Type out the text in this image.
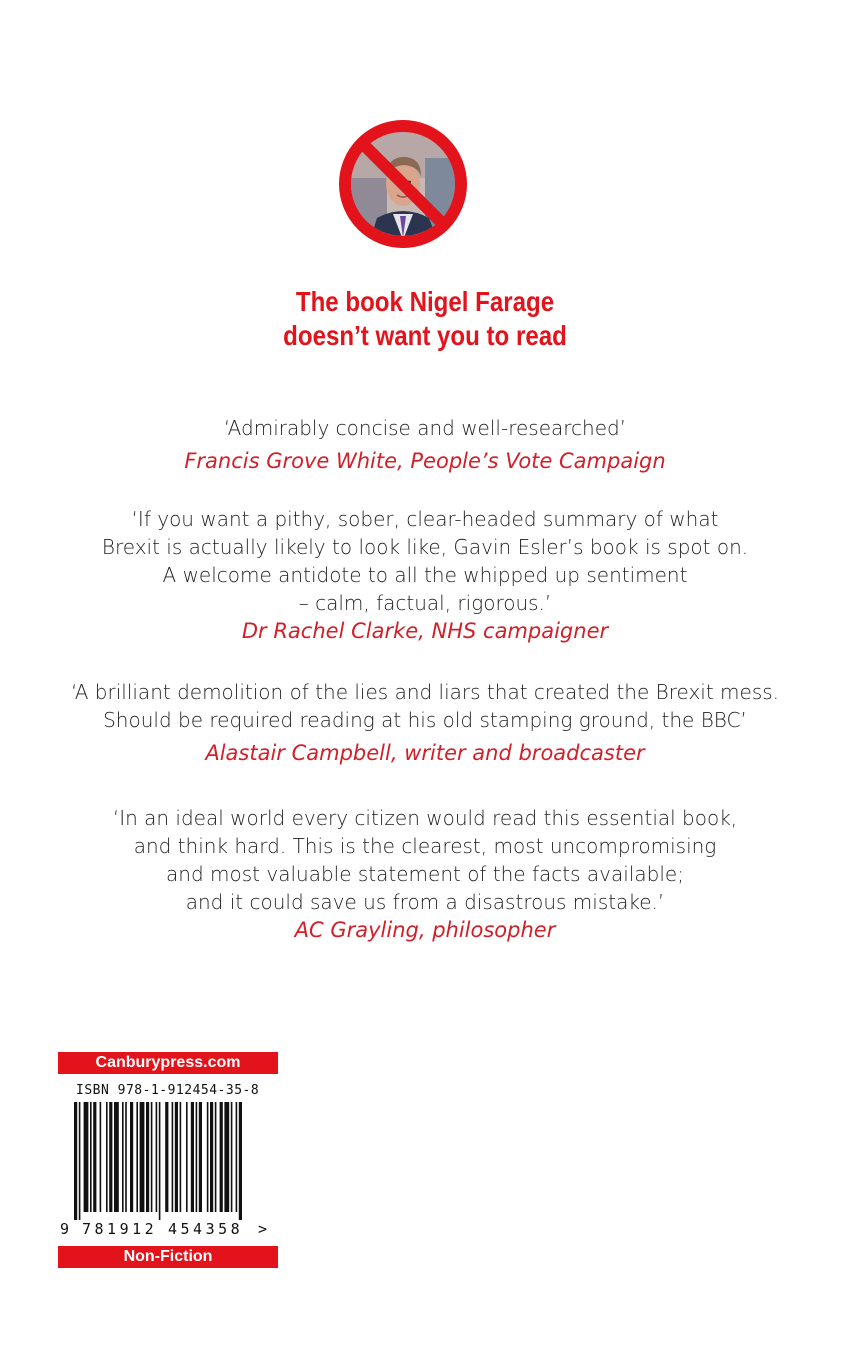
The book Nigel Farage
doesn’t want you to read
‘Admirably concise and well-researched’
Francis Grove White, People’s Vote Campaign
‘If you want a pithy, sober, clear-headed summary of what
Brexit is actually likely to look like, Gavin Esler’s book is spot on.
A welcome antidote to all the whipped up sentiment
– calm, factual, rigorous.’
Dr Rachel Clarke, NHS campaigner
‘A brilliant demolition of the lies and liars that created the Brexit mess.
Should be required reading at his old stamping ground, the BBC’
Alastair Campbell, writer and broadcaster
‘In an ideal world every citizen would read this essential book,
and think hard. This is the clearest, most uncompromising
and most valuable statement of the facts available;
and it could save us from a disastrous mistake.’
AC Grayling, philosopher
Canburypress.com
ISBN 978-1-912454-35-8
9 781912 454358 >
Non-Fiction
